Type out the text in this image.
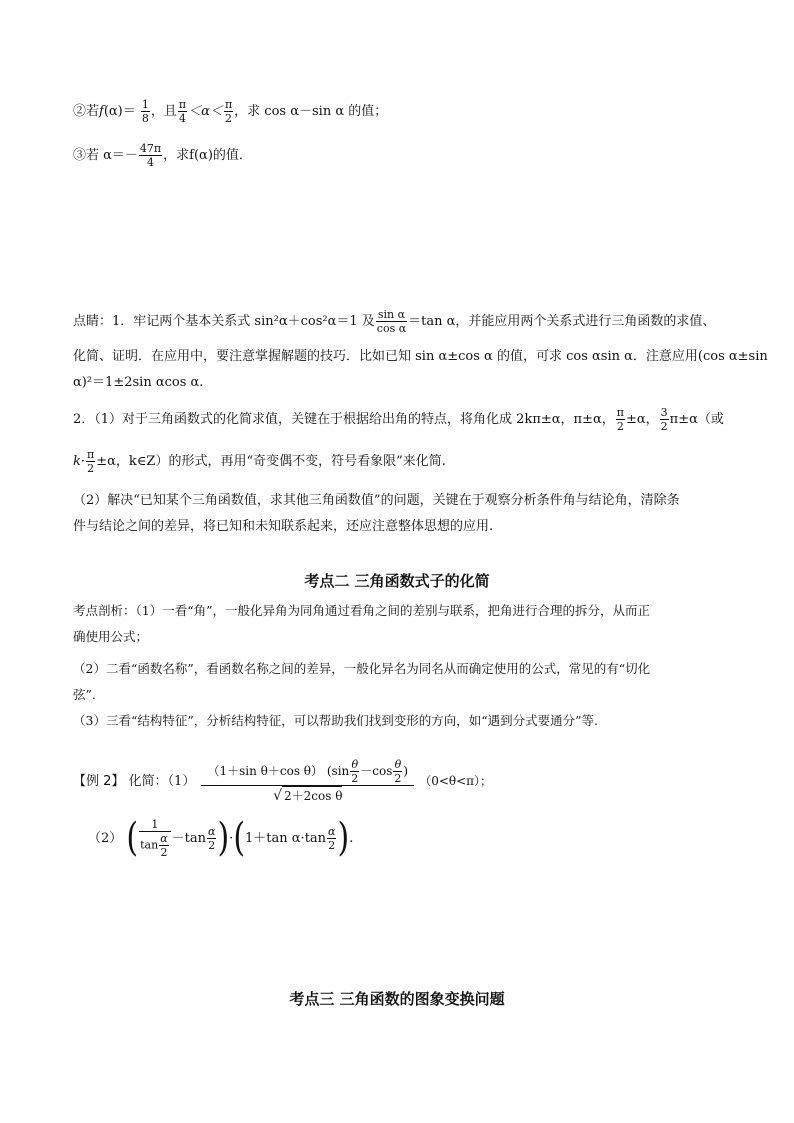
②若$f(\alpha)= \frac{1}{8}$ ，且 $\frac{\pi}{4} <\alpha< \frac{\pi}{2}$ ，求 cos α－sin α 的值；
③若 $\alpha=- \frac{47\pi}{4}$ ，求f(α)的值．
点睛：1．牢记两个基本关系式 sin²α＋cos²α＝1 及 $\frac{\text{sin α}}{\text{cos α}} =\tan$ α，并能应用两个关系式进行三角函数的求值、
化简、证明．在应用中，要注意掌握解题的技巧．比如已知 sin α±cos α 的值，可求 cos αsin α．注意应用(cos α±sin
α)²＝1±2sin αcos α.
2．（1）对于三角函数式的化简求值，关键在于根据给出角的特点，将角化成 2kπ±α，π±α， $\frac{\pi}{2} \pm\alpha$， $\frac{3}{2} \pi\pm\alpha$（或
$k\cdot \frac{\pi}{2} \pm\alpha$，k∈Z）的形式，再用“奇变偶不变，符号看象限”来化简.
（2）解决“已知某个三角函数值，求其他三角函数值”的问题，关键在于观察分析条件角与结论角，清除条
件与结论之间的差异，将已知和未知联系起来，还应注意整体思想的应用.
考点二 三角函数式子的化简
考点剖析：（1）一看“角”，一般化异角为同角通过看角之间的差别与联系，把角进行合理的拆分，从而正
确使用公式；
（2）二看“函数名称”，看函数名称之间的差异，一般化异名为同名从而确定使用的公式，常见的有“切化
弦”.
（3）三看“结构特征”，分析结构特征，可以帮助我们找到变形的方向，如“遇到分式要通分”等.
【例 2】 化简：$(1) \frac{(1+\sin \theta+\cos \theta) (\sin \frac{\theta}{2} -\cos \frac{\theta}{2} )}{\text{√ 2＋2cos θ}} (0<\theta<\pi)$；
（2） ( $\frac{1}{\tan \frac{\alpha}{2}} -\tan \frac{\alpha}{2} )\cdot(1+\tan$ $\alpha\cdot\tan \frac{\alpha}{2}$ ).
考点三 三角函数的图象变换问题
